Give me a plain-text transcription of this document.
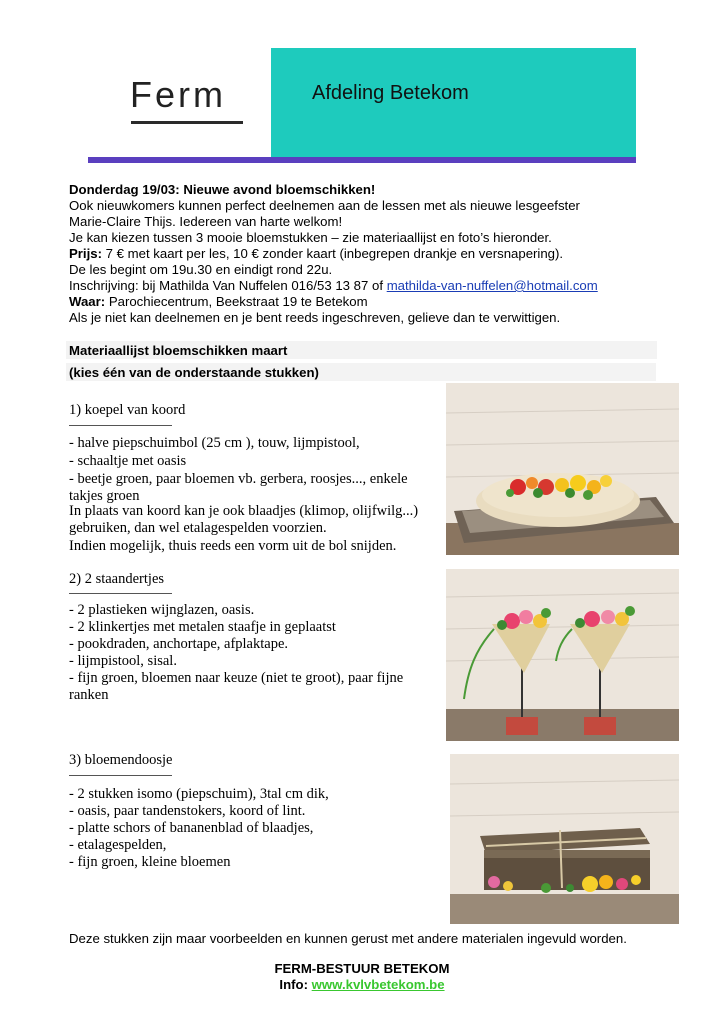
Ferm	Afdeling Betekom
Donderdag 19/03: Nieuwe avond bloemschikken!
Ook nieuwkomers kunnen perfect deelnemen aan de lessen met als nieuwe lesgeefster
Marie-Claire Thijs. Iedereen van harte welkom!
Je kan kiezen tussen 3 mooie bloemstukken – zie materiaallijst en foto’s hieronder.
Prijs: 7 € met kaart per les, 10 € zonder kaart (inbegrepen drankje en versnapering).
De les begint om 19u.30 en eindigt rond 22u.
Inschrijving: bij Mathilda Van Nuffelen 016/53 13 87 of mathilda-van-nuffelen@hotmail.com
Waar: Parochiecentrum, Beekstraat 19 te Betekom
Als je niet kan deelnemen en je bent reeds ingeschreven, gelieve dan te verwittigen.
Materiaallijst bloemschikken maart
(kies één van de onderstaande stukken)
1) koepel van koord
- halve piepschuimbol (25 cm ), touw, lijmpistool,
- schaaltje met oasis
- beetje groen, paar bloemen vb. gerbera, roosjes..., enkele
takjes groen
In plaats van koord kan je ook blaadjes (klimop, olijfwilg...)
gebruiken, dan wel etalagespelden voorzien.
Indien mogelijk, thuis reeds een vorm uit de bol snijden.
2) 2 staandertjes
- 2 plastieken wijnglazen, oasis.
- 2 klinkertjes met metalen staafje in geplaatst
- pookdraden, anchortape, afplaktape.
- lijmpistool, sisal.
- fijn groen, bloemen naar keuze (niet te groot), paar fijne
ranken
3) bloemendoosje
- 2 stukken isomo (piepschuim), 3tal cm dik,
- oasis, paar tandenstokers, koord of lint.
- platte schors of bananenblad of blaadjes,
- etalagespelden,
- fijn groen, kleine bloemen
Deze stukken zijn maar voorbeelden en kunnen gerust met andere materialen ingevuld worden.
FERM-BESTUUR BETEKOM
Info: www.kvlvbetekom.be
